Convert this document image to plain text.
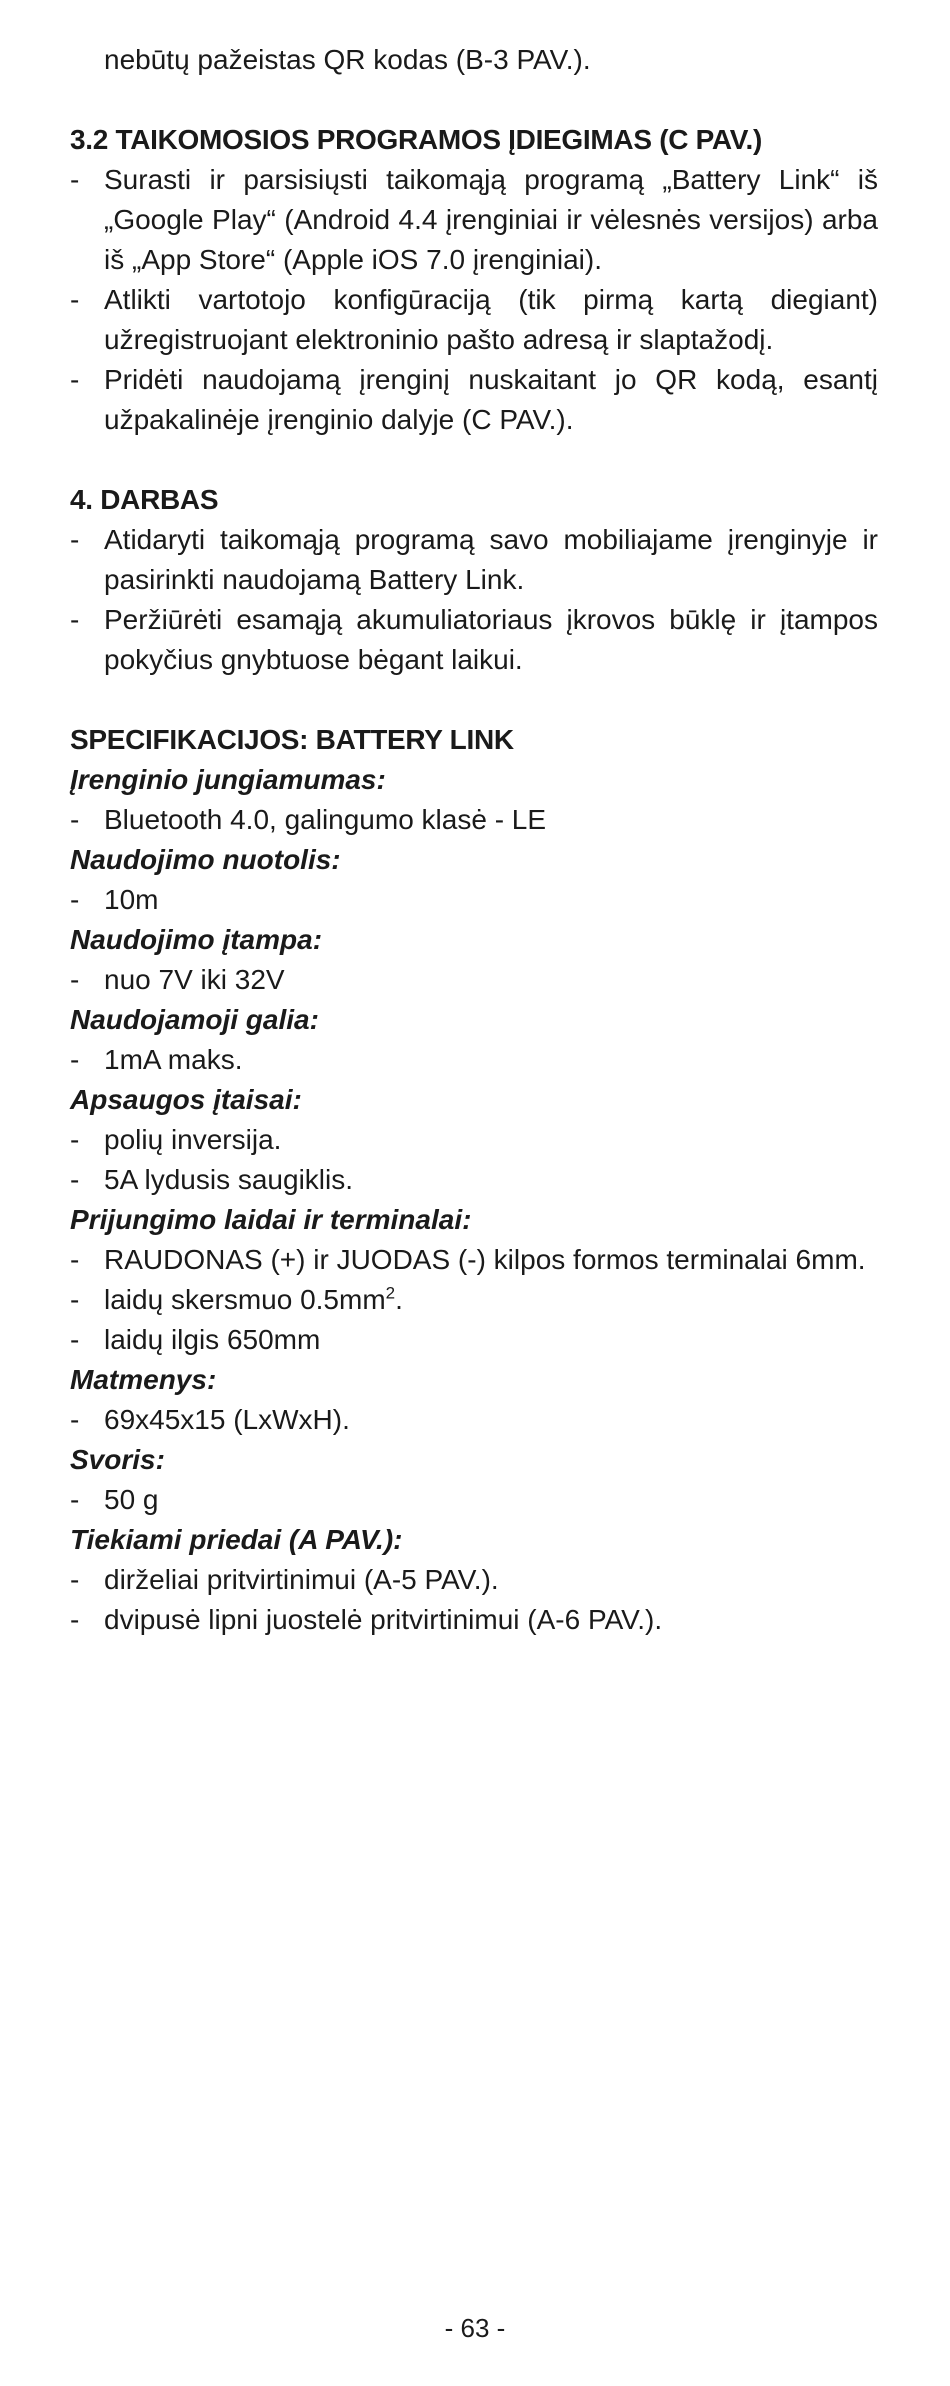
nebūtų pažeistas QR kodas (B-3 PAV.).
3.2 TAIKOMOSIOS PROGRAMOS ĮDIEGIMAS (C PAV.)
- Surasti ir parsisiųsti taikomąją programą „Battery Link“ iš „Google Play“ (Android 4.4 įrenginiai ir vėlesnės versijos) arba iš „App Store“ (Apple iOS 7.0 įrenginiai).
- Atlikti vartotojo konfigūraciją (tik pirmą kartą diegiant) užregistruojant elektroninio pašto adresą ir slaptažodį.
- Pridėti naudojamą įrenginį nuskaitant jo QR kodą, esantį užpakalinėje įrenginio dalyje (C PAV.).
4. DARBAS
- Atidaryti taikomąją programą savo mobiliajame įrenginyje ir pasirinkti naudojamą Battery Link.
- Peržiūrėti esamąją akumuliatoriaus įkrovos būklę ir įtampos pokyčius gnybtuose bėgant laikui.
SPECIFIKACIJOS: BATTERY LINK
Įrenginio jungiamumas:
- Bluetooth 4.0, galingumo klasė - LE
Naudojimo nuotolis:
- 10m
Naudojimo įtampa:
- nuo 7V iki 32V
Naudojamoji galia:
- 1mA maks.
Apsaugos įtaisai:
- polių inversija.
- 5A lydusis saugiklis.
Prijungimo laidai ir terminalai:
- RAUDONAS (+) ir JUODAS (-) kilpos formos terminalai 6mm.
- laidų skersmuo $0.5mm^2$.
- laidų ilgis 650mm
Matmenys:
- 69x45x15 (LxWxH).
Svoris:
- 50 g
Tiekiami priedai (A PAV.):
- dirželiai pritvirtinimui (A-5 PAV.).
- dvipusė lipni juostelė pritvirtinimui (A-6 PAV.).
- 63 -
